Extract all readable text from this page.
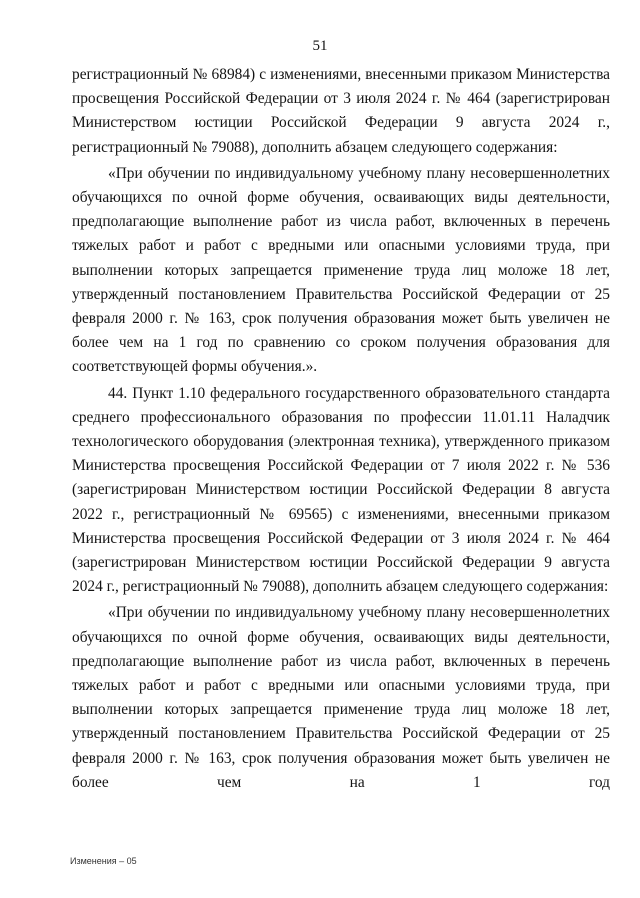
51

регистрационный № 68984) с изменениями, внесенными приказом Министерства просвещения Российской Федерации от 3 июля 2024 г. № 464 (зарегистрирован Министерством юстиции Российской Федерации 9 августа 2024 г., регистрационный № 79088), дополнить абзацем следующего содержания:

«При обучении по индивидуальному учебному плану несовершеннолетних обучающихся по очной форме обучения, осваивающих виды деятельности, предполагающие выполнение работ из числа работ, включенных в перечень тяжелых работ и работ с вредными или опасными условиями труда, при выполнении которых запрещается применение труда лиц моложе 18 лет, утвержденный постановлением Правительства Российской Федерации от 25 февраля 2000 г. № 163, срок получения образования может быть увеличен не более чем на 1 год по сравнению со сроком получения образования для соответствующей формы обучения.».

44. Пункт 1.10 федерального государственного образовательного стандарта среднего профессионального образования по профессии 11.01.11 Наладчик технологического оборудования (электронная техника), утвержденного приказом Министерства просвещения Российской Федерации от 7 июля 2022 г. № 536 (зарегистрирован Министерством юстиции Российской Федерации 8 августа 2022 г., регистрационный № 69565) с изменениями, внесенными приказом Министерства просвещения Российской Федерации от 3 июля 2024 г. № 464 (зарегистрирован Министерством юстиции Российской Федерации 9 августа 2024 г., регистрационный № 79088), дополнить абзацем следующего содержания:

«При обучении по индивидуальному учебному плану несовершеннолетних обучающихся по очной форме обучения, осваивающих виды деятельности, предполагающие выполнение работ из числа работ, включенных в перечень тяжелых работ и работ с вредными или опасными условиями труда, при выполнении которых запрещается применение труда лиц моложе 18 лет, утвержденный постановлением Правительства Российской Федерации от 25 февраля 2000 г. № 163, срок получения образования может быть увеличен не более чем на 1 год

Изменения – 05
